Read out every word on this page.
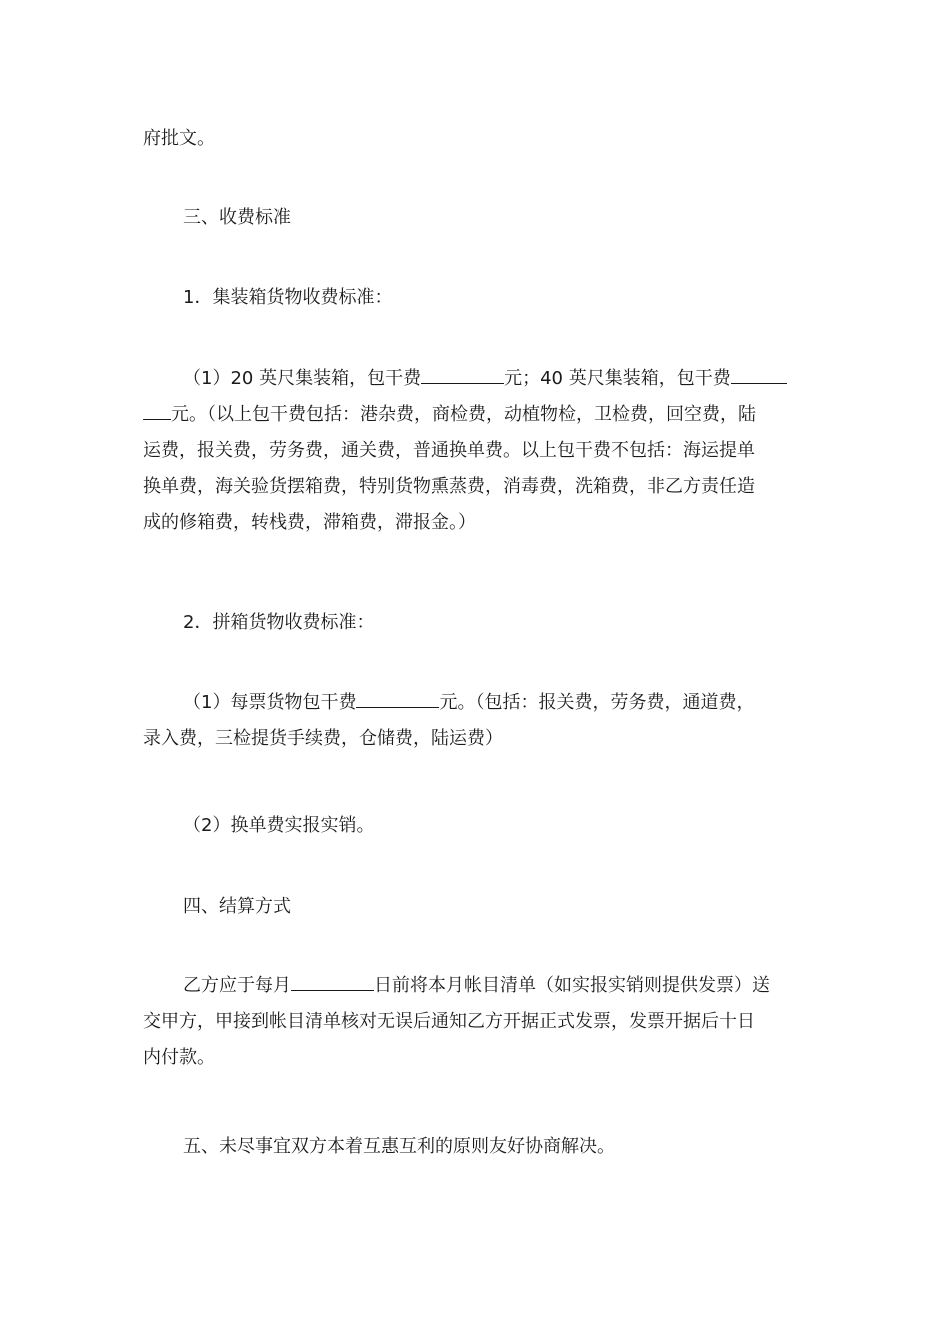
府批文。

三、收费标准

1．集装箱货物收费标准：

（1）20 英尺集装箱，包干费	元；40 英尺集装箱，包干费
元。（以上包干费包括：港杂费，商检费，动植物检，卫检费，回空费，陆
运费，报关费，劳务费，通关费，普通换单费。以上包干费不包括：海运提单
换单费，海关验货摆箱费，特别货物熏蒸费，消毒费，洗箱费，非乙方责任造
成的修箱费，转栈费，滞箱费，滞报金。）

2．拼箱货物收费标准：

（1）每票货物包干费	元。（包括：报关费，劳务费，通道费，
录入费，三检提货手续费，仓储费，陆运费）

（2）换单费实报实销。

四、结算方式

乙方应于每月	日前将本月帐目清单（如实报实销则提供发票）送
交甲方，甲接到帐目清单核对无误后通知乙方开据正式发票，发票开据后十日
内付款。

五、未尽事宜双方本着互惠互利的原则友好协商解决。
